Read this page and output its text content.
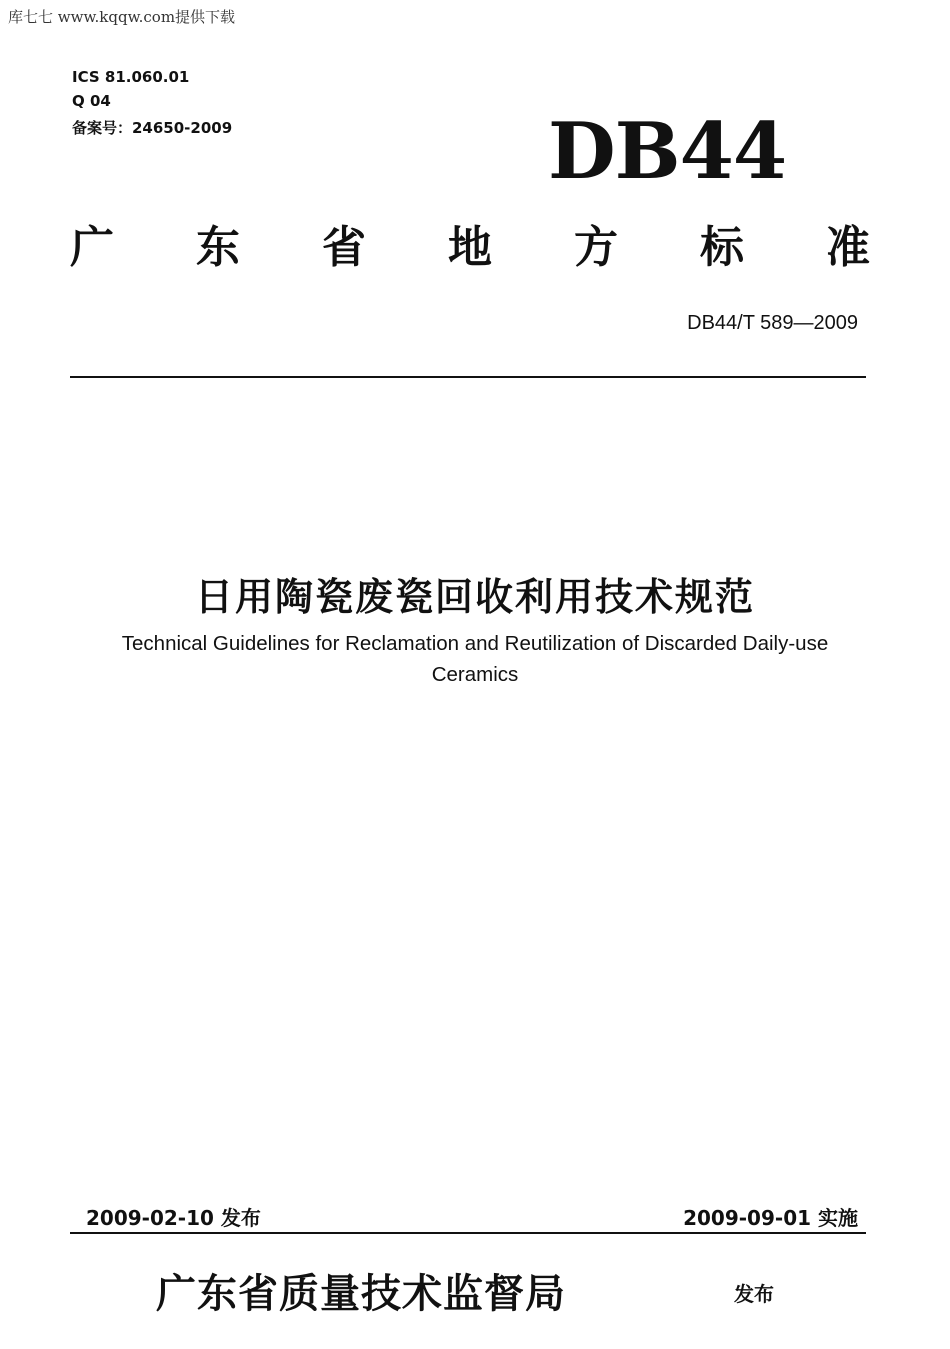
库七七 www.kqqw.com提供下载
ICS 81.060.01
Q 04
备案号：24650-2009	DB44
广 东 省 地 方 标 准
DB44/T 589—2009
日用陶瓷废瓷回收利用技术规范
Technical Guidelines for Reclamation and Reutilization of Discarded Daily-use Ceramics
2009-02-10 发布	2009-09-01 实施
广东省质量技术监督局	发布
